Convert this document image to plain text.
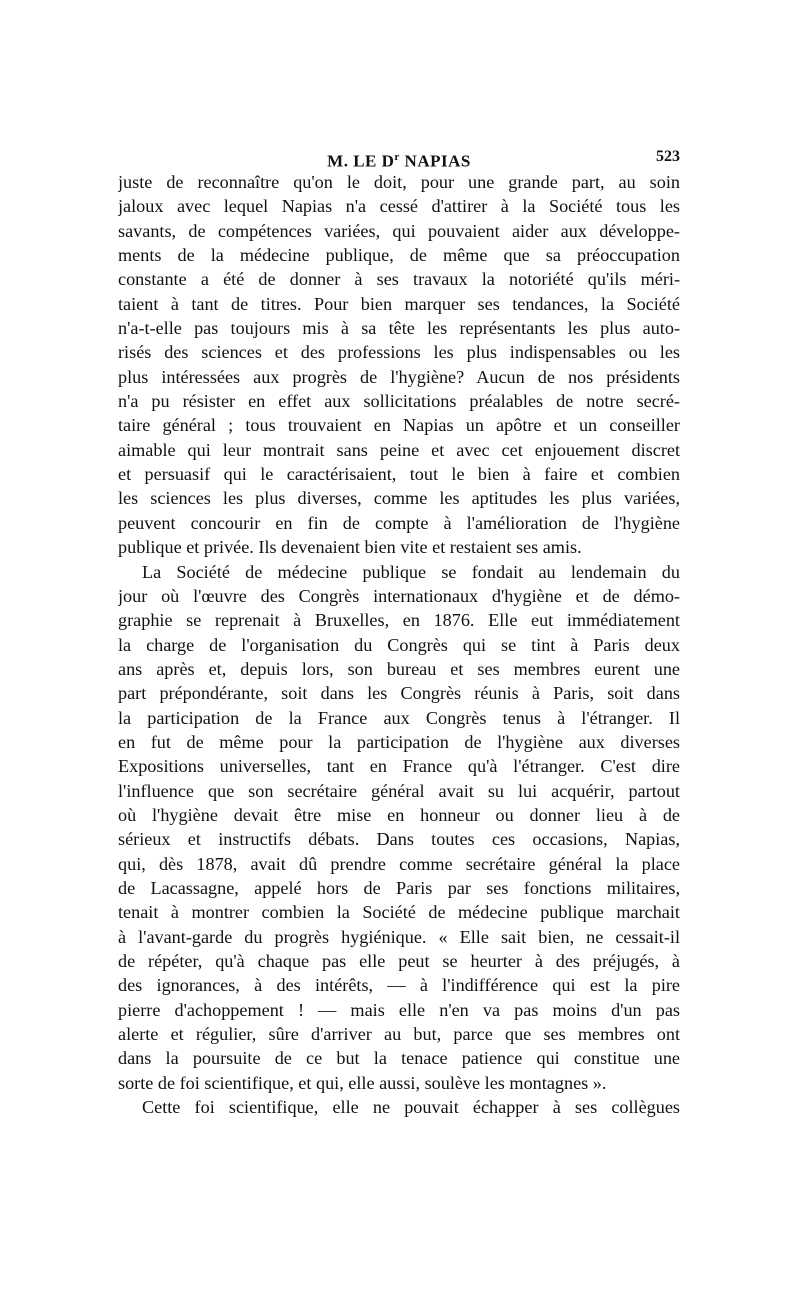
M. LE $D^r$ NAPIAS	523
juste de reconnaître qu'on le doit, pour une grande part, au soin
jaloux avec lequel Napias n'a cessé d'attirer à la Société tous les
savants, de compétences variées, qui pouvaient aider aux développe-
ments de la médecine publique, de même que sa préoccupation
constante a été de donner à ses travaux la notoriété qu'ils méri-
taient à tant de titres. Pour bien marquer ses tendances, la Société
n'a-t-elle pas toujours mis à sa tête les représentants les plus auto-
risés des sciences et des professions les plus indispensables ou les
plus intéressées aux progrès de l'hygiène? Aucun de nos présidents
n'a pu résister en effet aux sollicitations préalables de notre secré-
taire général ; tous trouvaient en Napias un apôtre et un conseiller
aimable qui leur montrait sans peine et avec cet enjouement discret
et persuasif qui le caractérisaient, tout le bien à faire et combien
les sciences les plus diverses, comme les aptitudes les plus variées,
peuvent concourir en fin de compte à l'amélioration de l'hygiène
publique et privée. Ils devenaient bien vite et restaient ses amis.
La Société de médecine publique se fondait au lendemain du
jour où l'œuvre des Congrès internationaux d'hygiène et de démo-
graphie se reprenait à Bruxelles, en 1876. Elle eut immédiatement
la charge de l'organisation du Congrès qui se tint à Paris deux
ans après et, depuis lors, son bureau et ses membres eurent une
part prépondérante, soit dans les Congrès réunis à Paris, soit dans
la participation de la France aux Congrès tenus à l'étranger. Il
en fut de même pour la participation de l'hygiène aux diverses
Expositions universelles, tant en France qu'à l'étranger. C'est dire
l'influence que son secrétaire général avait su lui acquérir, partout
où l'hygiène devait être mise en honneur ou donner lieu à de
sérieux et instructifs débats. Dans toutes ces occasions, Napias,
qui, dès 1878, avait dû prendre comme secrétaire général la place
de Lacassagne, appelé hors de Paris par ses fonctions militaires,
tenait à montrer combien la Société de médecine publique marchait
à l'avant-garde du progrès hygiénique. « Elle sait bien, ne cessait-il
de répéter, qu'à chaque pas elle peut se heurter à des préjugés, à
des ignorances, à des intérêts, — à l'indifférence qui est la pire
pierre d'achoppement ! — mais elle n'en va pas moins d'un pas
alerte et régulier, sûre d'arriver au but, parce que ses membres ont
dans la poursuite de ce but la tenace patience qui constitue une
sorte de foi scientifique, et qui, elle aussi, soulève les montagnes ».
Cette foi scientifique, elle ne pouvait échapper à ses collègues
